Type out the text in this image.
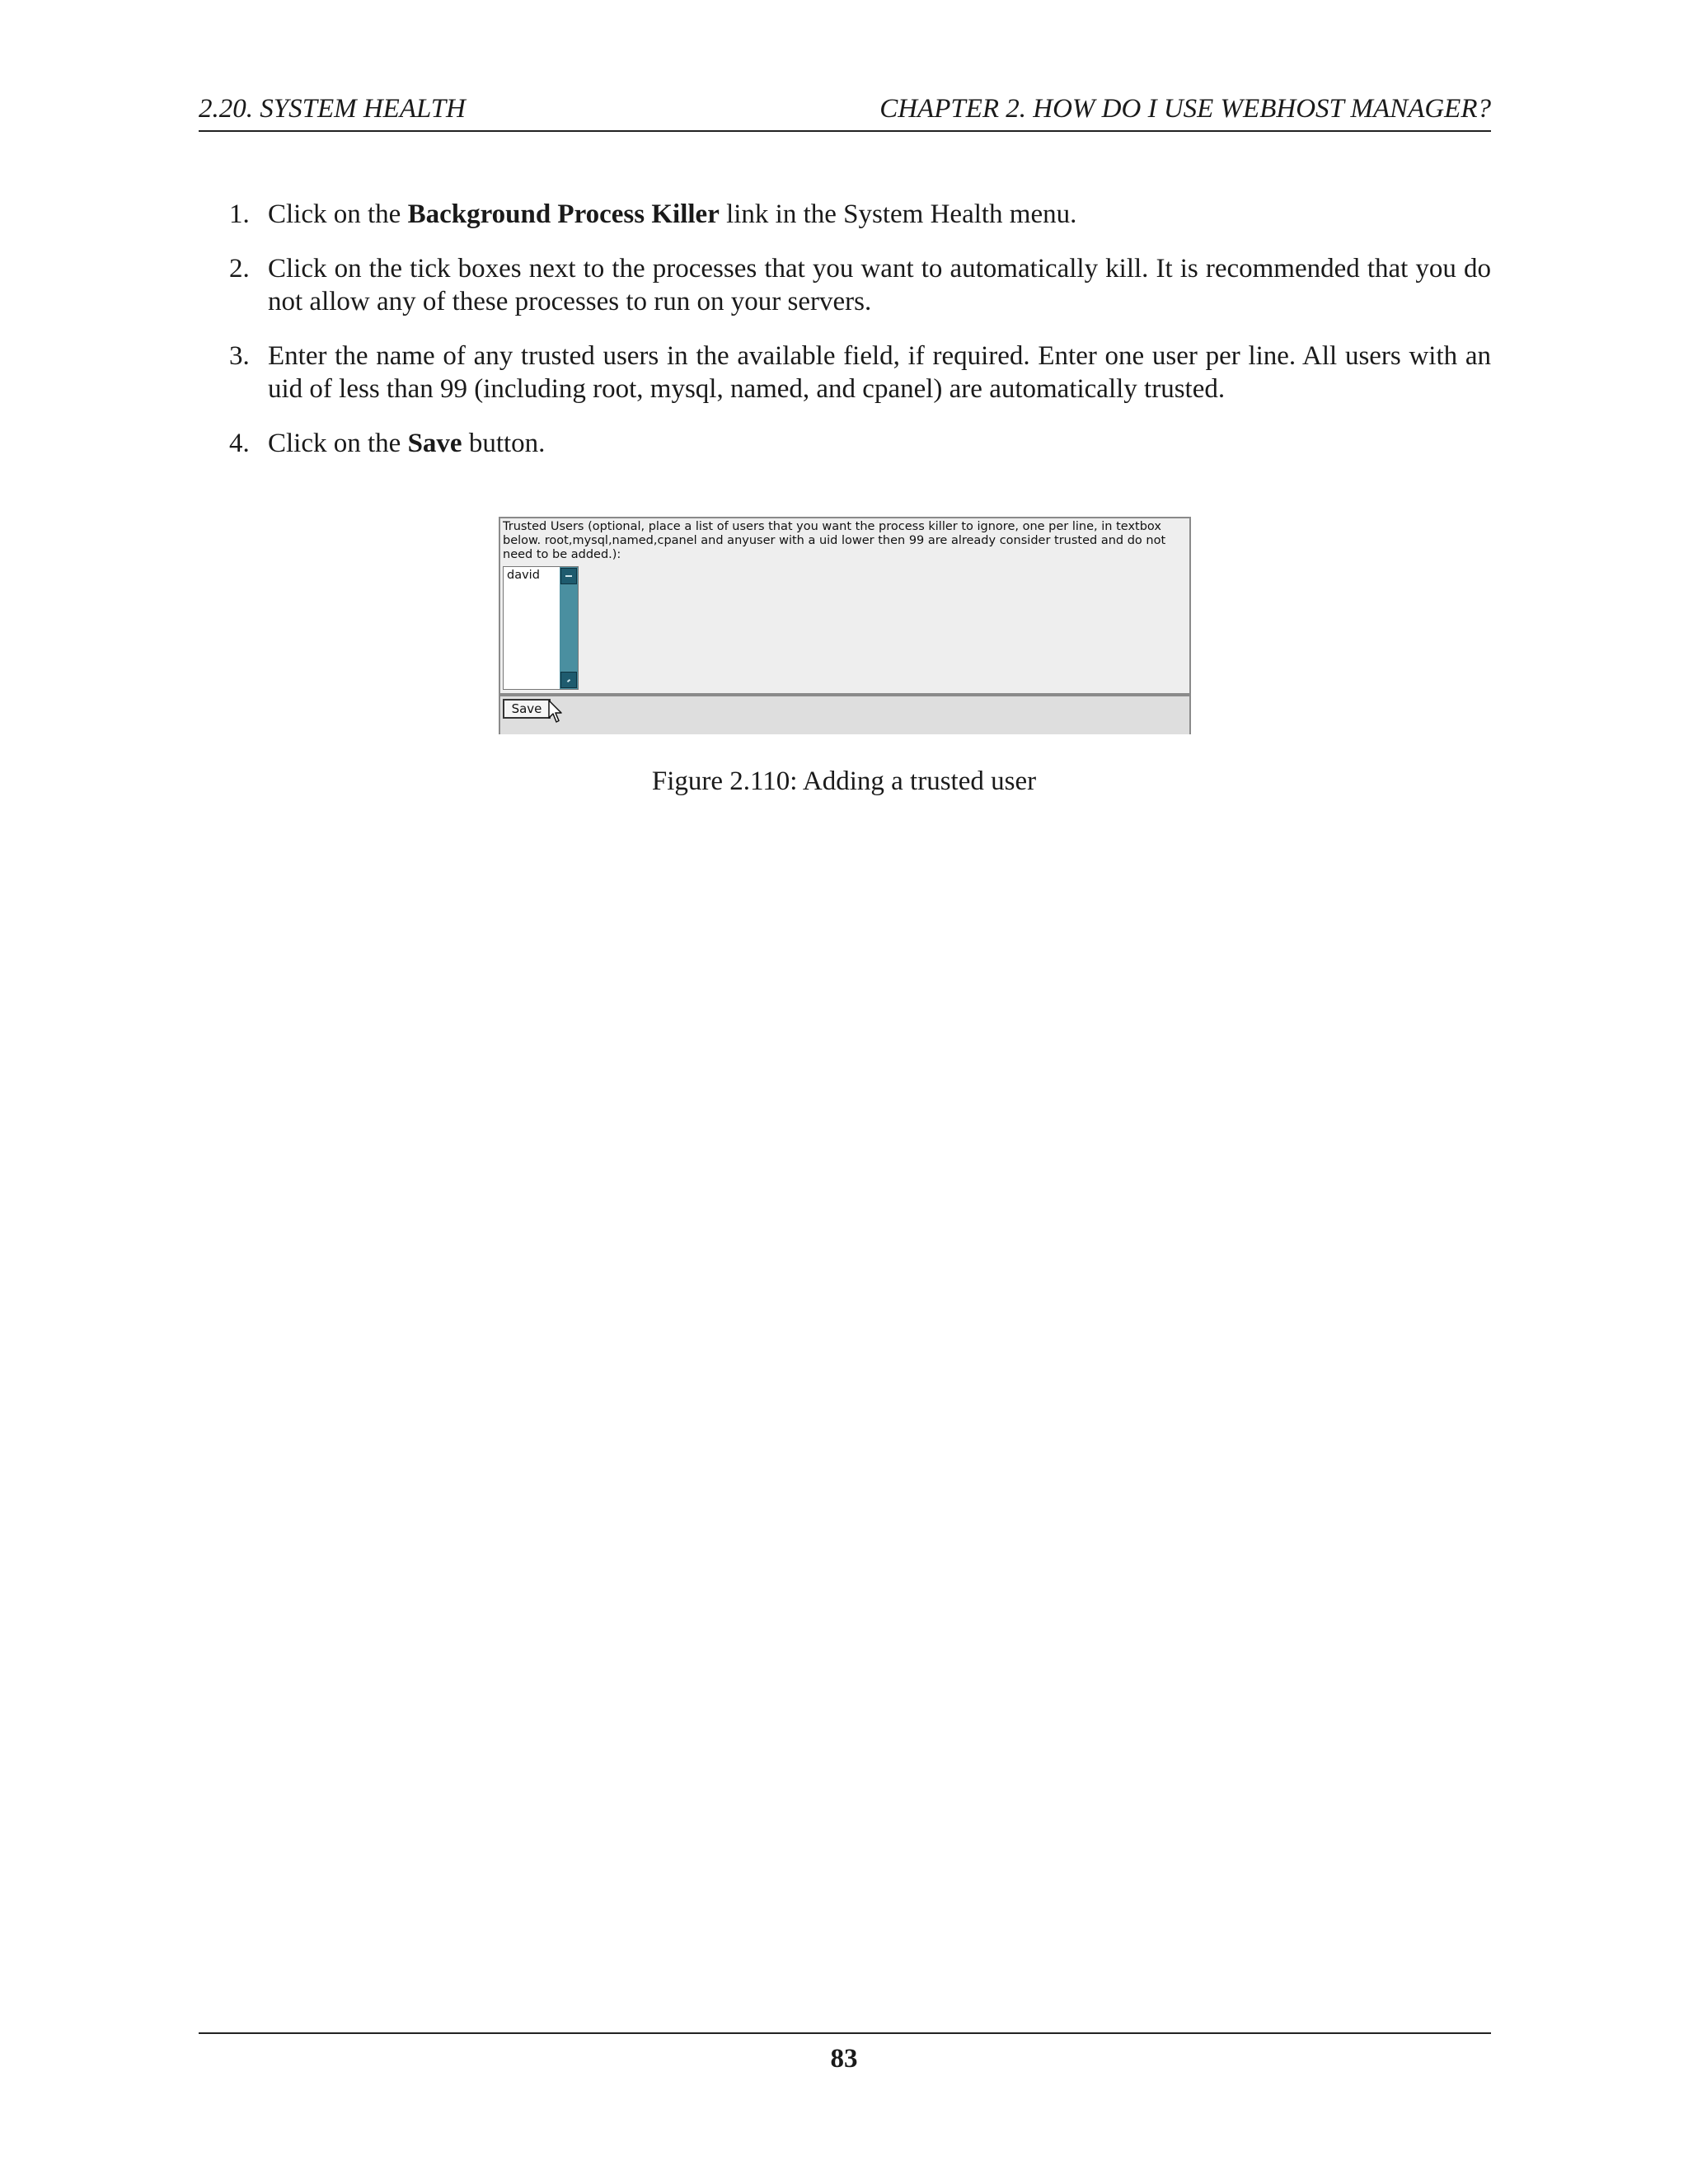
2.20. SYSTEM HEALTH	CHAPTER 2. HOW DO I USE WEBHOST MANAGER?
1. Click on the Background Process Killer link in the System Health menu.
2. Click on the tick boxes next to the processes that you want to automatically kill. It is recommended that you do not allow any of these processes to run on your servers.
3. Enter the name of any trusted users in the available field, if required. Enter one user per line. All users with an uid of less than 99 (including root, mysql, named, and cpanel) are automatically trusted.
4. Click on the Save button.
Trusted Users (optional, place a list of users that you want the process killer to ignore, one per line, in textbox below. root,mysql,named,cpanel and anyuser with a uid lower then 99 are already consider trusted and do not need to be added.):
david
Save
Figure 2.110: Adding a trusted user
83
